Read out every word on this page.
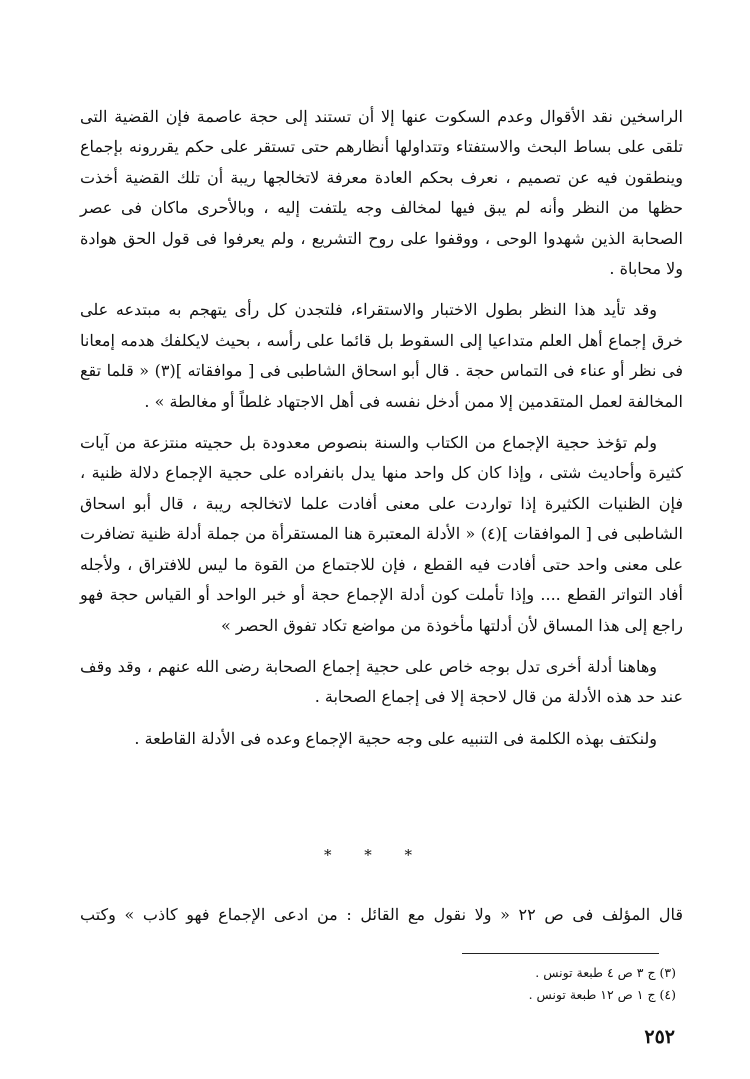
الراسخين نقد الأقوال وعدم السكوت عنها إلا أن تستند إلى حجة عاصمة فإن القضية التى تلقى على بساط البحث والاستفتاء وتتداولها أنظارهم حتى تستقر على حكم يقررونه بإجماع وينطقون فيه عن تصميم ، نعرف بحكم العادة معرفة لاتخالجها ريبة أن تلك القضية أخذت حظها من النظر وأنه لم يبق فيها لمخالف وجه يلتفت إليه ، وبالأحرى ماكان فى عصر الصحابة الذين شهدوا الوحى ، ووقفوا على روح التشريع ، ولم يعرفوا فى قول الحق هوادة ولا محاباة .

وقد تأيد هذا النظر بطول الاختبار والاستقراء، فلتجدن كل رأى يتهجم به مبتدعه على خرق إجماع أهل العلم متداعيا إلى السقوط بل قائما على رأسه ، بحيث لايكلفك هدمه إمعانا فى نظر أو عناء فى التماس حجة . قال أبو اسحاق الشاطبى فى [ موافقاته ](٣) « قلما تقع المخالفة لعمل المتقدمين إلا ممن أدخل نفسه فى أهل الاجتهاد غلطاً أو مغالطة » .

ولم تؤخذ حجية الإجماع من الكتاب والسنة بنصوص معدودة بل حجيته منتزعة من آيات كثيرة وأحاديث شتى ، وإذا كان كل واحد منها يدل بانفراده على حجية الإجماع دلالة ظنية ، فإن الظنيات الكثيرة إذا تواردت على معنى أفادت علما لاتخالجه ريبة ، قال أبو اسحاق الشاطبى فى [ الموافقات ](٤) « الأدلة المعتبرة هنا المستقرأة من جملة أدلة ظنية تضافرت على معنى واحد حتى أفادت فيه القطع ، فإن للاجتماع من القوة ما ليس للافتراق ، ولأجله أفاد التواتر القطع .... وإذا تأملت كون أدلة الإجماع حجة أو خبر الواحد أو القياس حجة فهو راجع إلى هذا المساق لأن أدلتها مأخوذة من مواضع تكاد تفوق الحصر »

وهاهنا أدلة أخرى تدل بوجه خاص على حجية إجماع الصحابة رضى الله عنهم ، وقد وقف عند حد هذه الأدلة من قال لاحجة إلا فى إجماع الصحابة .

ولنكتف بهذه الكلمة فى التنبيه على وجه حجية الإجماع وعده فى الأدلة القاطعة .

* * *
قال المؤلف فى ص ٢٢ « ولا نقول مع القائل : من ادعى الإجماع فهو كاذب » وكتب
(٣) ج ٣ ص ٤ طبعة تونس .
(٤) ج ١ ص ١٢ طبعة تونس .
٢٥٢
